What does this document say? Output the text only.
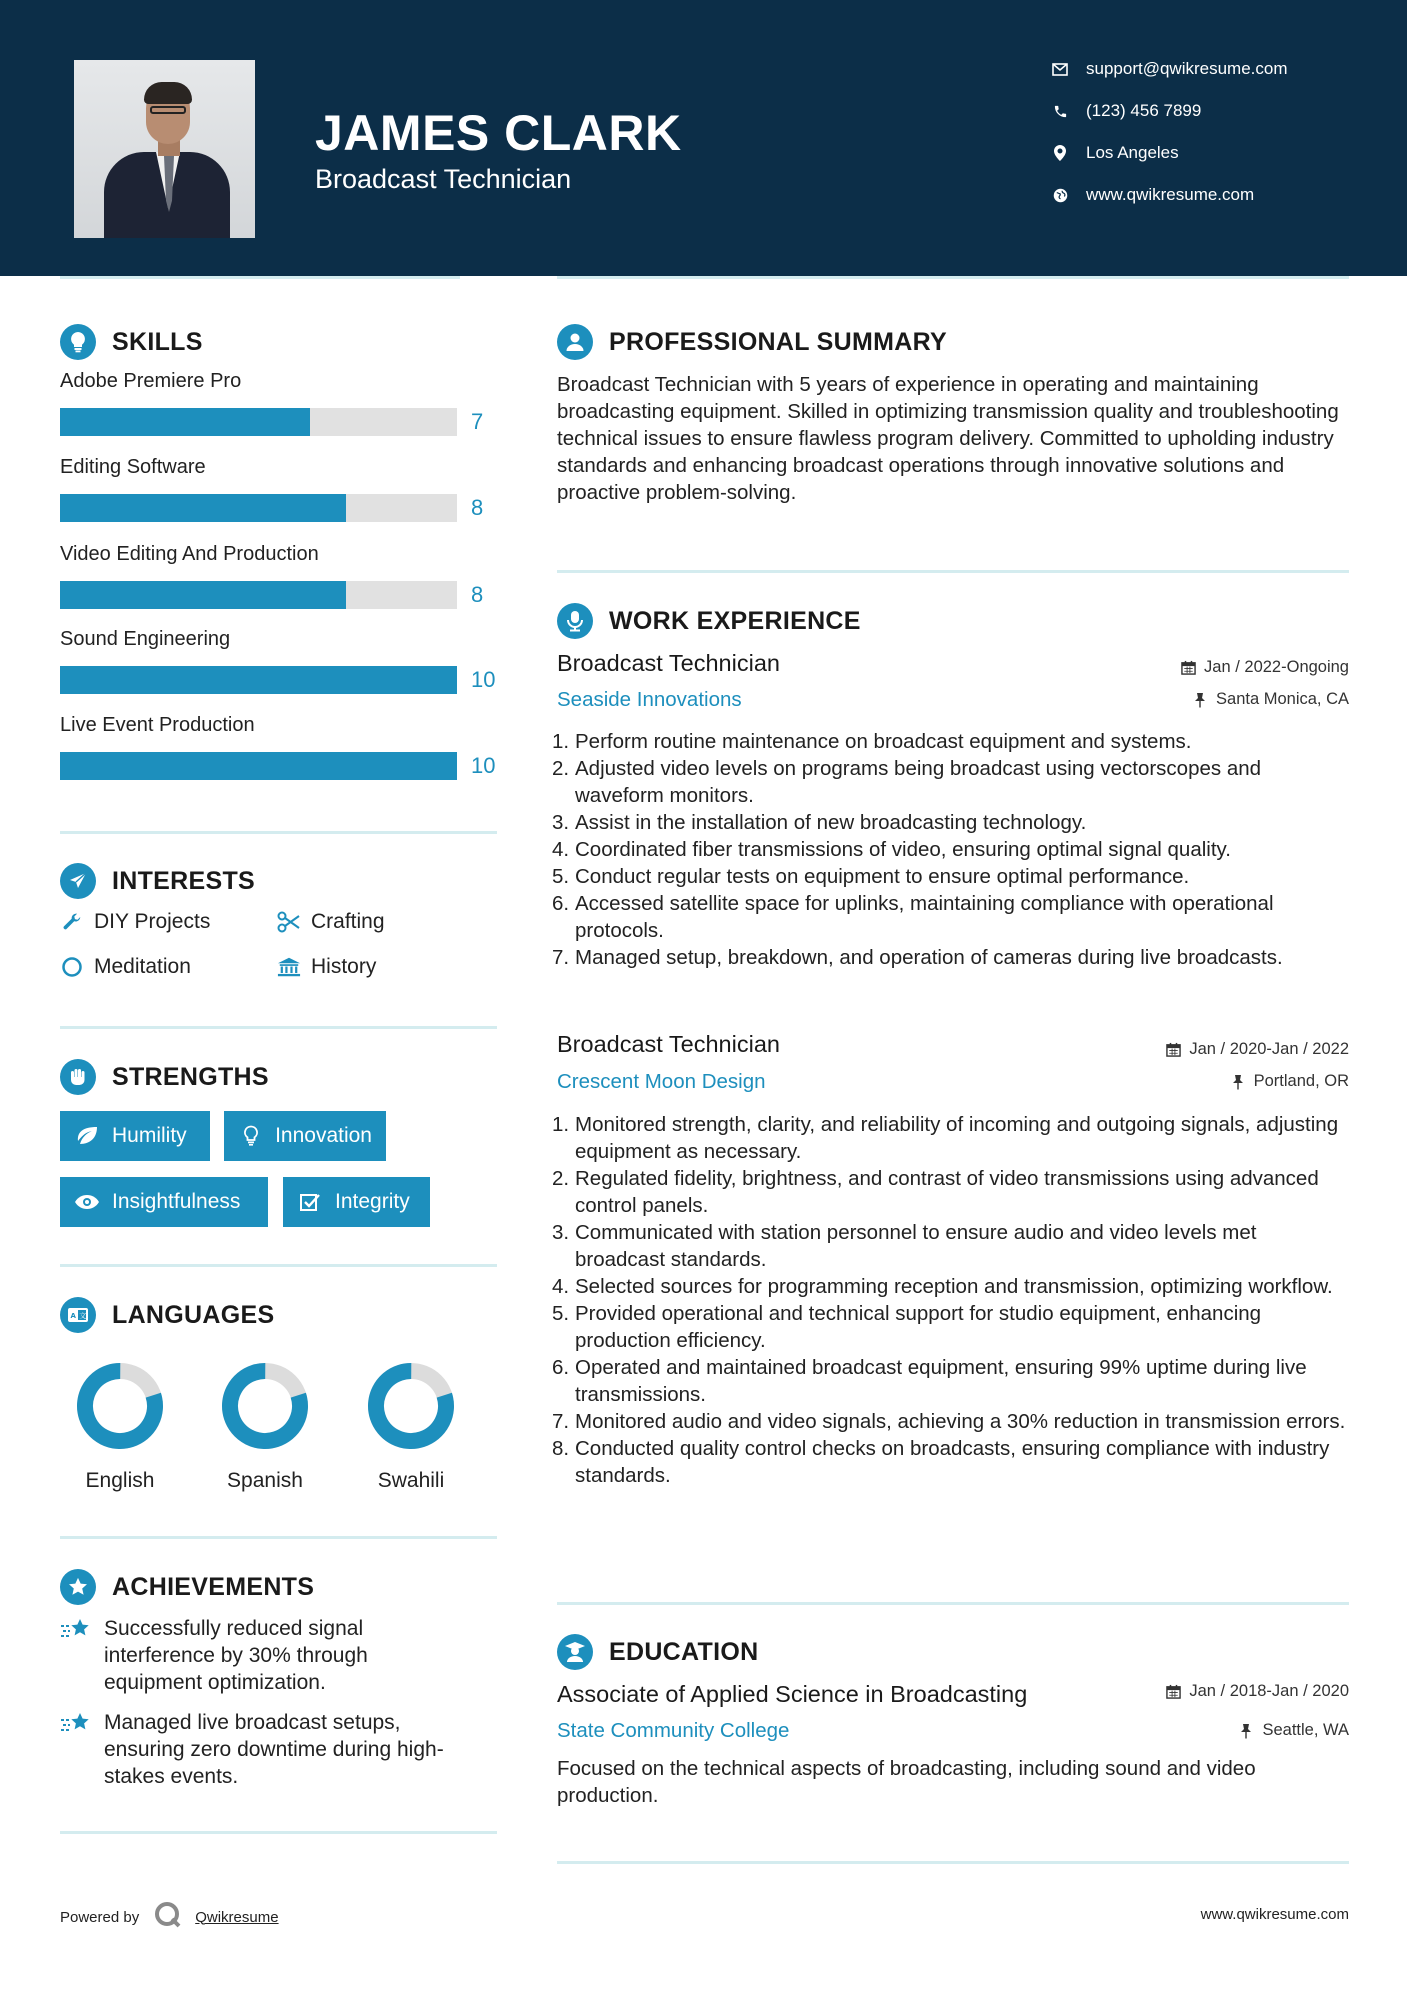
JAMES CLARK
Broadcast Technician
support@qwikresume.com
(123) 456 7899
Los Angeles
www.qwikresume.com
SKILLS
Adobe Premiere Pro
7
Editing Software
8
Video Editing And Production
8
Sound Engineering
10
Live Event Production
10
INTERESTS
DIY Projects	Crafting
Meditation	History
STRENGTHS
Humility	Innovation
Insightfulness	Integrity
A 文 LANGUAGES
English	Spanish	Swahili
ACHIEVEMENTS
Successfully reduced signal interference by 30% through equipment optimization.
Managed live broadcast setups, ensuring zero downtime during high-stakes events.
PROFESSIONAL SUMMARY
Broadcast Technician with 5 years of experience in operating and maintaining broadcasting equipment. Skilled in optimizing transmission quality and troubleshooting technical issues to ensure flawless program delivery. Committed to upholding industry standards and enhancing broadcast operations through innovative solutions and proactive problem-solving.
WORK EXPERIENCE
Broadcast Technician	Jan / 2022-Ongoing
Seaside Innovations	Santa Monica, CA
1. Perform routine maintenance on broadcast equipment and systems.
2. Adjusted video levels on programs being broadcast using vectorscopes and waveform monitors.
3. Assist in the installation of new broadcasting technology.
4. Coordinated fiber transmissions of video, ensuring optimal signal quality.
5. Conduct regular tests on equipment to ensure optimal performance.
6. Accessed satellite space for uplinks, maintaining compliance with operational protocols.
7. Managed setup, breakdown, and operation of cameras during live broadcasts.
Broadcast Technician	Jan / 2020-Jan / 2022
Crescent Moon Design	Portland, OR
1. Monitored strength, clarity, and reliability of incoming and outgoing signals, adjusting equipment as necessary.
2. Regulated fidelity, brightness, and contrast of video transmissions using advanced control panels.
3. Communicated with station personnel to ensure audio and video levels met broadcast standards.
4. Selected sources for programming reception and transmission, optimizing workflow.
5. Provided operational and technical support for studio equipment, enhancing production efficiency.
6. Operated and maintained broadcast equipment, ensuring 99% uptime during live transmissions.
7. Monitored audio and video signals, achieving a 30% reduction in transmission errors.
8. Conducted quality control checks on broadcasts, ensuring compliance with industry standards.
EDUCATION
Associate of Applied Science in Broadcasting	Jan / 2018-Jan / 2020
State Community College	Seattle, WA
Focused on the technical aspects of broadcasting, including sound and video production.
Powered by	Qwikresume	www.qwikresume.com
